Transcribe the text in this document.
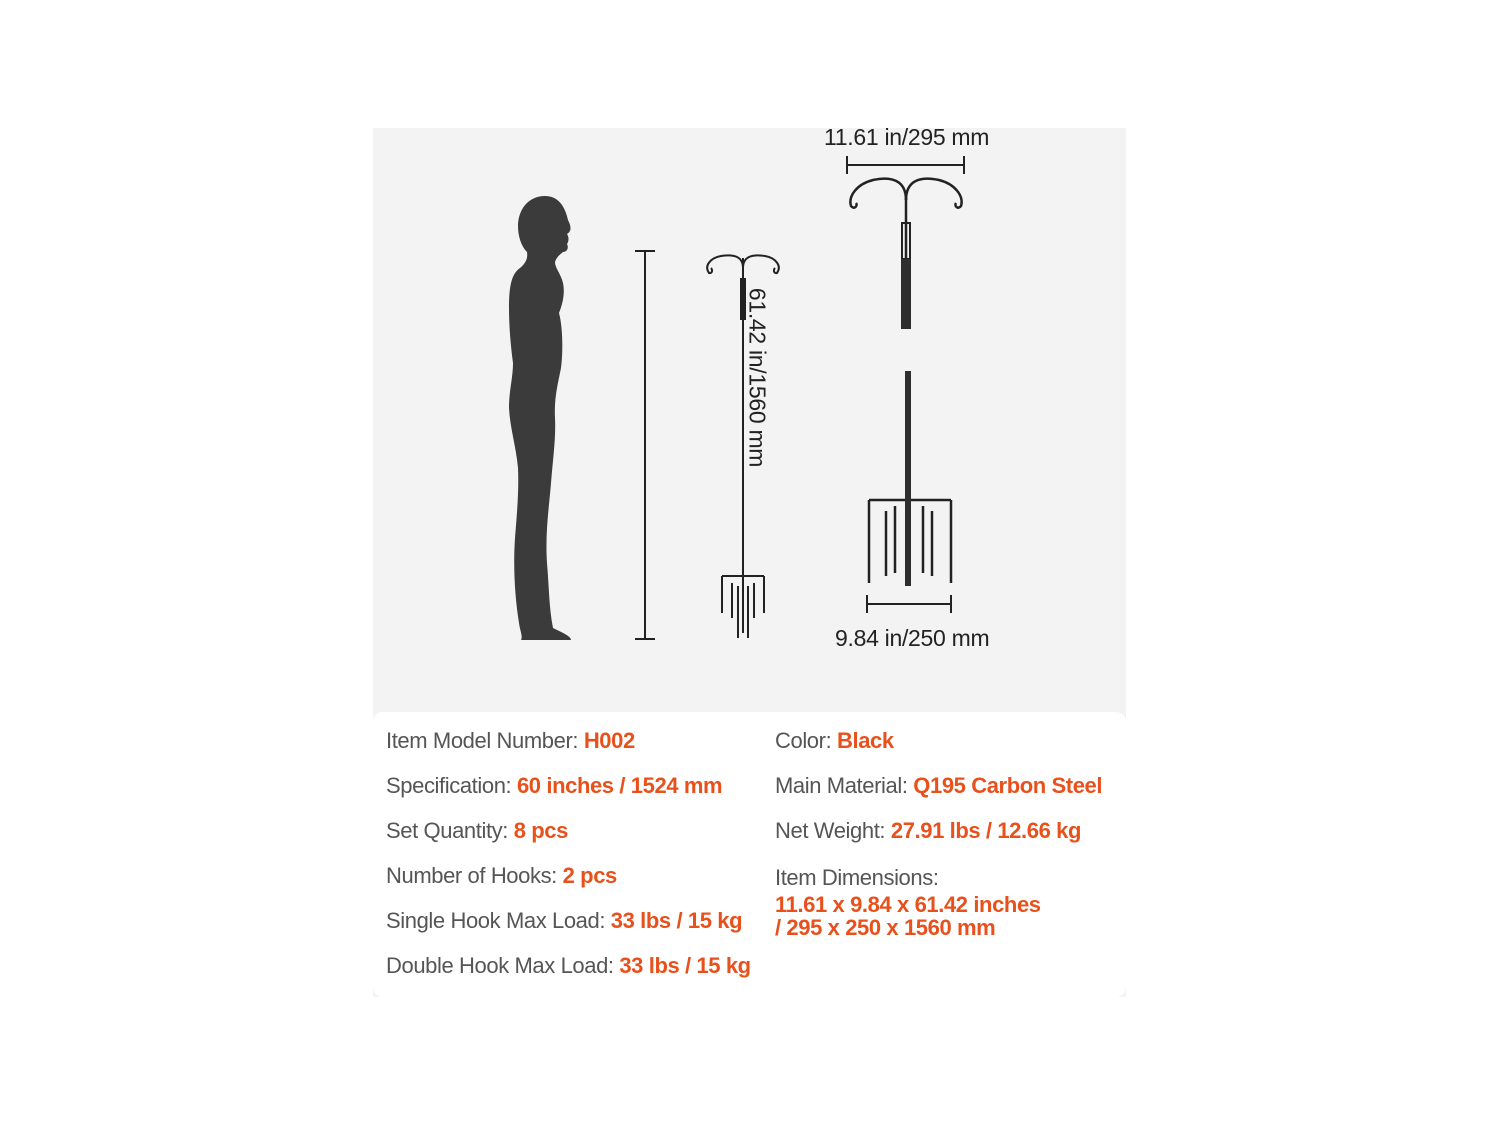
11.61 in/295 mm
9.84 in/250 mm
61.42 in/1560 mm
Item Model Number: H002
Specification: 60 inches / 1524 mm
Set Quantity: 8 pcs
Number of Hooks: 2 pcs
Single Hook Max Load: 33 lbs / 15 kg
Double Hook Max Load: 33 lbs / 15 kg
Color: Black
Main Material: Q195 Carbon Steel
Net Weight: 27.91 lbs / 12.66 kg
Item Dimensions:
11.61 x 9.84 x 61.42 inches
/ 295 x 250 x 1560 mm
